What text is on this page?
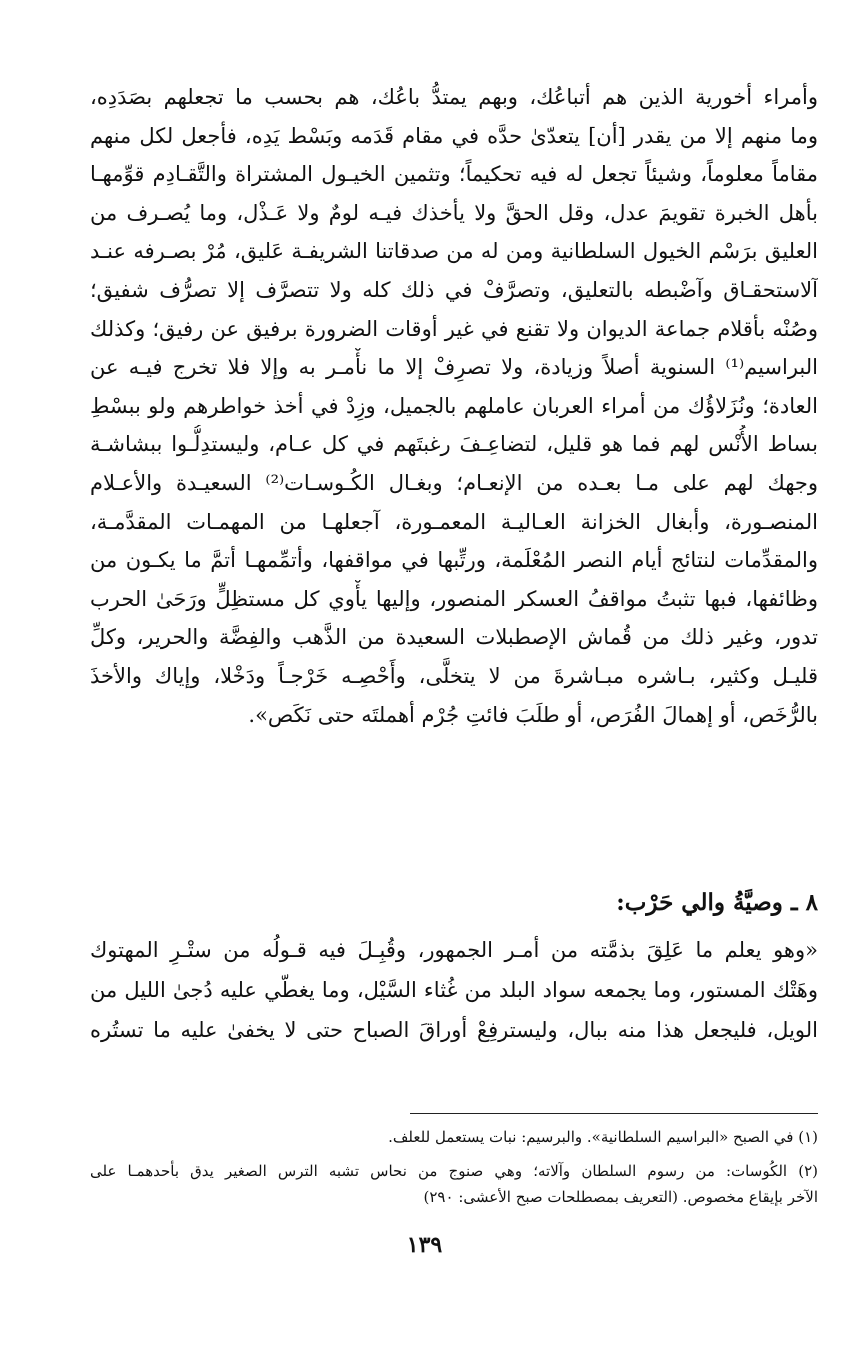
وأمراء أخورية الذين هم أتباعُك، وبهم يمتدُّ باعُك، هم بحسب ما تجعلهم بصَدَدِه،
وما منهم إلا من يقدر [أن] يتعدّىٰ حدَّه في مقام قَدَمه وبَسْط يَدِه، فأجعل لكل منهم
مقاماً معلوماً، وشيئاً تجعل له فيه تحكيماً؛ وتثمين الخيـول المشتراة والتَّقـادِم قوِّمهـا
بأهل الخبرة تقويمَ عدل، وقل الحقَّ ولا يأخذك فيـه لومٌ ولا عَـذْل، وما يُصـرف من
العليق برَسْم الخيول السلطانية ومن له من صدقاتنا الشريفـة عَليق، مُرْ بصـرفه عنـد
آلاستحقـاق وآضْبطه بالتعليق، وتصرَّفْ في ذلك كله ولا تتصرَّف إلا تصرُّف شفيق؛
وصُنْه بأقلام جماعة الديوان ولا تقنع في غير أوقات الضرورة برفيق عن رفيق؛ وكذلك
البراسيم⁽¹⁾ السنوية أصلاً وزيادة، ولا تصرِفْ إلا ما نأْمـر به وإلا فلا تخرج فيـه عن
العادة؛ ونُزَلاؤُك من أمراء العربان عاملهم بالجميل، وزِدْ في أخذ خواطرهم ولو ببسْطِ
بساط الأُنْس لهم فما هو قليل، لتضاعِـفَ رغبتَهم في كل عـام، وليستدِلُّـوا ببشاشـة
وجهك لهم على مـا بعـده من الإنعـام؛ وبغـال الكُـوسـات⁽²⁾ السعيـدة والأعـلام
المنصـورة، وأبغال الخزانة العـاليـة المعمـورة، آجعلهـا من المهمـات المقدَّمـة،
والمقدِّمات لنتائج أيام النصر المُعْلَمة، ورتِّبها في مواقفها، وأتمِّمهـا أتمَّ ما يكـون من
وظائفها، فبها تثبتُ مواقفُ العسكر المنصور، وإليها يأْوي كل مستظِلٍّ ورَحَىٰ الحرب
تدور، وغير ذلك من قُماش الإصطبلات السعيدة من الذَّهب والفِضَّة والحرير، وكلِّ
قليـل وكثير، بـاشره مبـاشرةَ من لا يتخلَّى، وأَحْصِـه خَرْجـاً ودَخْلا، وإياك والأخذَ
بالرُّخَص، أو إهمالَ الفُرَص، أو طلَبَ فائتِ جُرْم أهملتَه حتى نَكَص».
٨ ـ وصيَّةُ والي حَرْب:
«وهو يعلم ما عَلِقَ بذمَّته من أمـر الجمهور، وقُبِـلَ فيه قـولُه من ستْـرِ المهتوك
وهَتْك المستور، وما يجمعه سواد البلد من غُثاء السَّيْل، وما يغطّي عليه دُجىٰ الليل من
الويل، فليجعل هذا منه ببال، وليسترفِعْ أوراقَ الصباح حتى لا يخفىٰ عليه ما تستُره
(١) في الصبح «البراسيم السلطانية». والبرسيم: نبات يستعمل للعلف.
(٢) الكُوسات: من رسوم السلطان وآلاته؛ وهي صنوج من نحاس تشبه الترس الصغير يدق بأحدهمـا على
الآخر بإيقاع مخصوص. (التعريف بمصطلحات صبح الأعشى: ٢٩٠)
١٣٩
